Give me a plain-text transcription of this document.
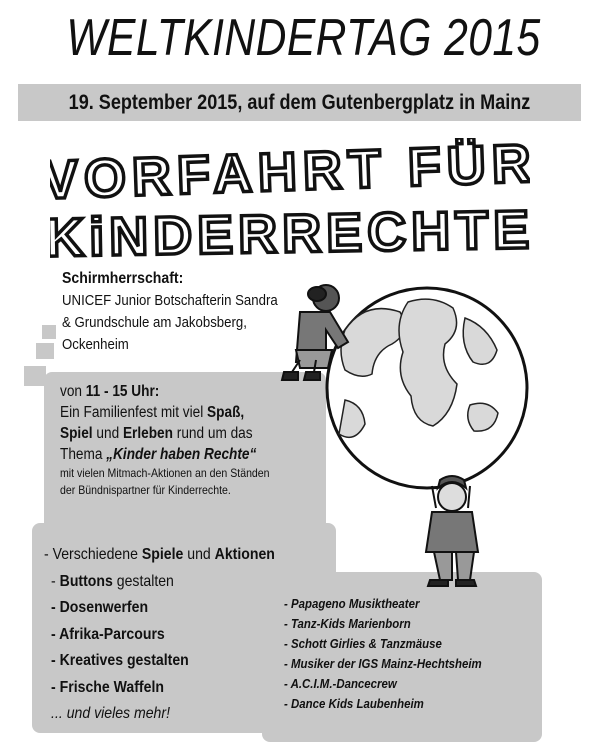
WELTKINDERTAG 2015
19. September 2015, auf dem Gutenbergplatz in Mainz
VORFAHRT FÜR
KiNDERRECHTE
Schirmherrschaft:
UNICEF Junior Botschafterin Sandra
& Grundschule am Jakobsberg,
Ockenheim
von 11 - 15 Uhr:
Ein Familienfest mit viel Spaß,
Spiel und Erleben rund um das
Thema „Kinder haben Rechte“
mit vielen Mitmach-Aktionen an den Ständen
der Bündnispartner für Kinderrechte.
- Verschiedene Spiele und Aktionen
- Buttons gestalten
- Dosenwerfen
- Afrika-Parcours
- Kreatives gestalten
- Frische Waffeln
... und vieles mehr!
- Papageno Musiktheater
- Tanz-Kids Marienborn
- Schott Girlies & Tanzmäuse
- Musiker der IGS Mainz-Hechtsheim
- A.C.I.M.-Dancecrew
- Dance Kids Laubenheim
